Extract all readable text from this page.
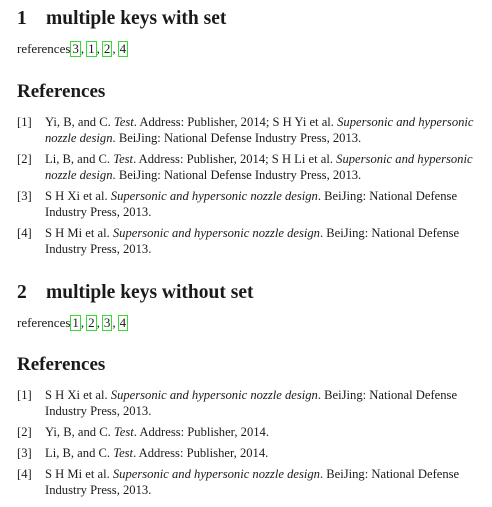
1 multiple keys with set
references 3 , 1 , 2 , 4
References
[1] Yi, B, and C. Test. Address: Publisher, 2014; S H Yi et al. Supersonic and hypersonic nozzle design. BeiJing: National Defense Industry Press, 2013.
[2] Li, B, and C. Test. Address: Publisher, 2014; S H Li et al. Supersonic and hypersonic nozzle design. BeiJing: National Defense Industry Press, 2013.
[3] S H Xi et al. Supersonic and hypersonic nozzle design. BeiJing: National Defense Industry Press, 2013.
[4] S H Mi et al. Supersonic and hypersonic nozzle design. BeiJing: National Defense Industry Press, 2013.
2 multiple keys without set
references 1 , 2 , 3 , 4
References
[1] S H Xi et al. Supersonic and hypersonic nozzle design. BeiJing: National Defense Industry Press, 2013.
[2] Yi, B, and C. Test. Address: Publisher, 2014.
[3] Li, B, and C. Test. Address: Publisher, 2014.
[4] S H Mi et al. Supersonic and hypersonic nozzle design. BeiJing: National Defense Industry Press, 2013.
